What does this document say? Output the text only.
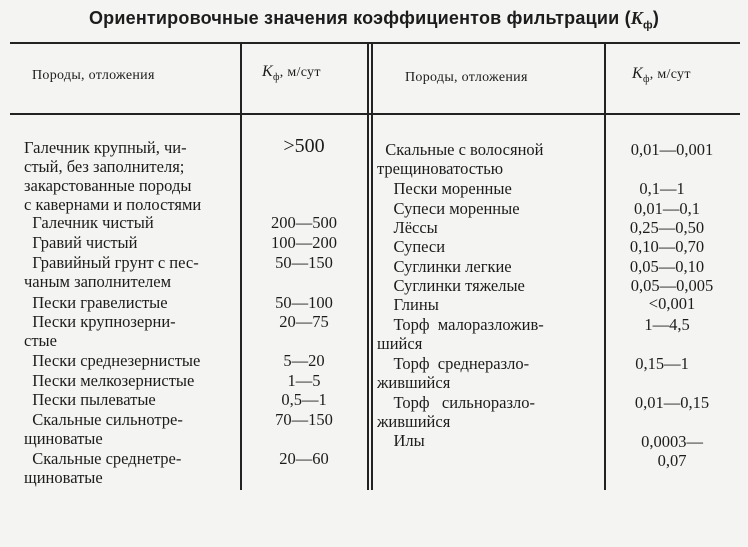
Ориентировочные значения коэффициентов фильтрации $(K_ф)$
Породы, отложения	$K_ф$, м/сут	Породы, отложения	$K_ф$, м/сут
Галечник крупный, чи-
стый, без заполнителя;
закарстованные породы
с кавернами и полостями
>500
Галечник чистый	200—500
Гравий чистый	100—200
Гравийный грунт с пес-
чаным заполнителем
50—150
Пески гравелистые	50—100
Пески крупнозерни-
стые
20—75
Пески среднезернистые	5—20
Пески мелкозернистые	1—5
Пески пылеватые	0,5—1
Скальные сильнотре-
щиноватые
70—150
Скальные среднетре-
щиноватые
20—60
Скальные с волосяной
трещиноватостью
0,01—0,001
Пески моренные	0,1—1
Супеси моренные	0,01—0,1
Лёссы	0,25—0,50
Супеси	0,10—0,70
Суглинки легкие	0,05—0,10
Суглинки тяжелые	0,05—0,005
Глины	<0,001
Торф  малоразложив-
шийся
1—4,5
Торф  среднеразло-
жившийся
0,15—1
Торф   сильноразло-
жившийся
0,01—0,15
Илы	0,0003—
0,07
